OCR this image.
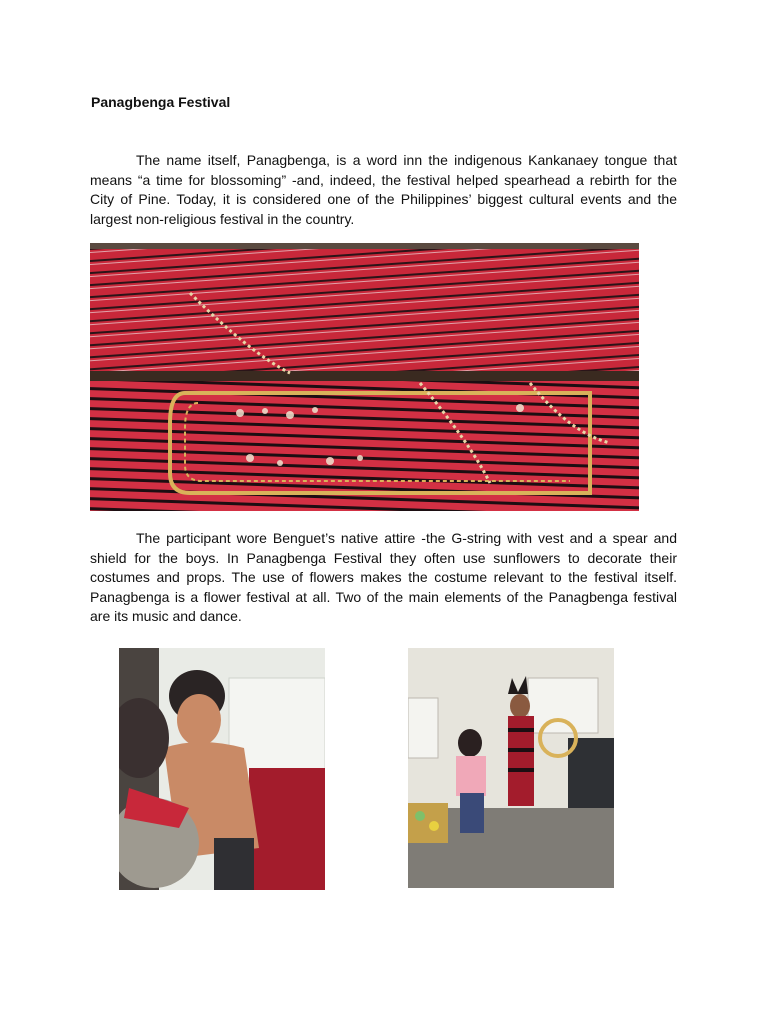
Panagbenga Festival

The name itself, Panagbenga, is a word inn the indigenous Kankanaey tongue that means “a time for blossoming” -and, indeed, the festival helped spearhead a rebirth for the City of Pine. Today, it is considered one of the Philippines’ biggest cultural events and the largest non-religious festival in the country.

The participant wore Benguet’s native attire -the G-string with vest and a spear and shield for the boys. In Panagbenga Festival they often use sunflowers to decorate their costumes and props. The use of flowers makes the costume relevant to the festival itself. Panagbenga is a flower festival at all. Two of the main elements of the Panagbenga festival are its music and dance.
